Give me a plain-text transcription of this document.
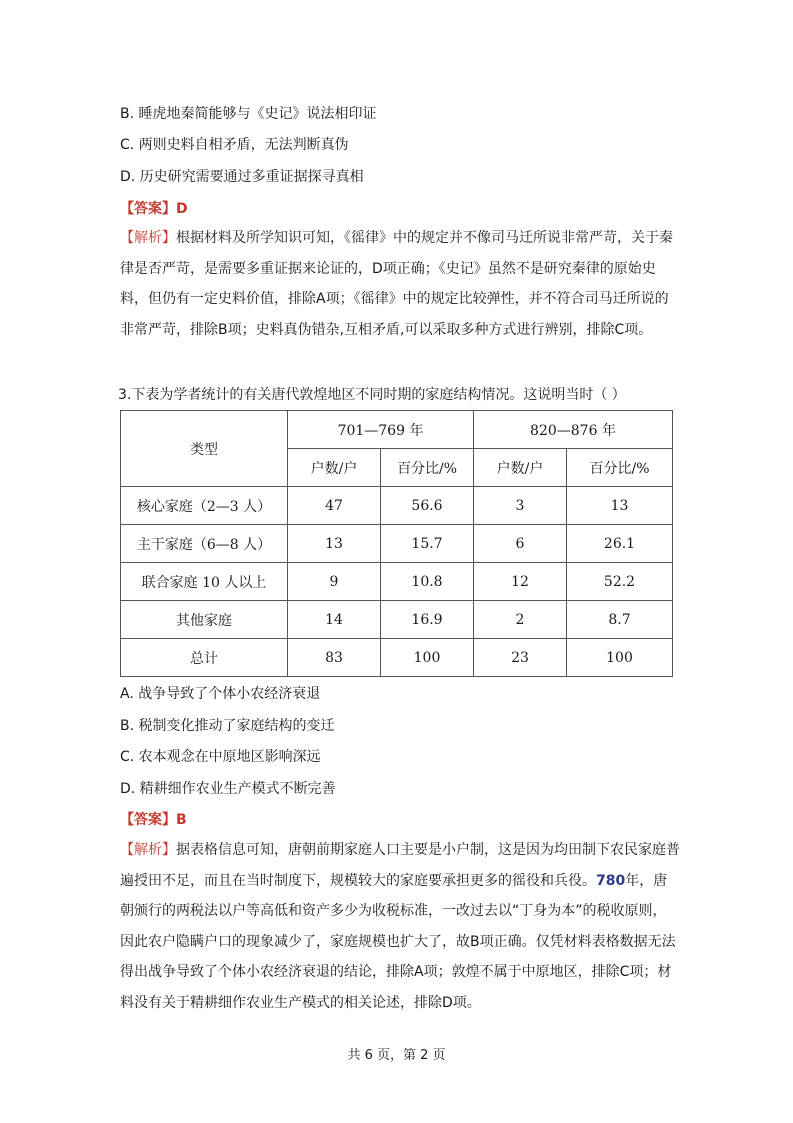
B. 睡虎地秦简能够与《史记》说法相印证
C. 两则史料自相矛盾，无法判断真伪
D. 历史研究需要通过多重证据探寻真相
【答案】D
【解析】根据材料及所学知识可知，《徭律》中的规定并不像司马迁所说非常严苛，关于秦律是否严苛，是需要多重证据来论证的，D项正确；《史记》虽然不是研究秦律的原始史料，但仍有一定史料价值，排除A项；《徭律》中的规定比较弹性，并不符合司马迁所说的非常严苛，排除B项；史料真伪错杂,互相矛盾,可以采取多种方式进行辨别，排除C项。
3.下表为学者统计的有关唐代敦煌地区不同时期的家庭结构情况。这说明当时（ ）
类型	701—769 年		820—876 年	
	户数/户	百分比/%	户数/户	百分比/%
核心家庭（2—3 人）	47	56.6	3	13
主干家庭（6—8 人）	13	15.7	6	26.1
联合家庭 10 人以上	9	10.8	12	52.2
其他家庭	14	16.9	2	8.7
总计	83	100	23	100
A. 战争导致了个体小农经济衰退
B. 税制变化推动了家庭结构的变迁
C. 农本观念在中原地区影响深远
D. 精耕细作农业生产模式不断完善
【答案】B
【解析】据表格信息可知，唐朝前期家庭人口主要是小户制，这是因为均田制下农民家庭普遍授田不足，而且在当时制度下，规模较大的家庭要承担更多的徭役和兵役。780年，唐朝颁行的两税法以户等高低和资产多少为收税标准，一改过去以“丁身为本”的税收原则，因此农户隐瞒户口的现象减少了，家庭规模也扩大了，故B项正确。仅凭材料表格数据无法得出战争导致了个体小农经济衰退的结论，排除A项；敦煌不属于中原地区，排除C项；材料没有关于精耕细作农业生产模式的相关论述，排除D项。
共 6 页，第 2 页
